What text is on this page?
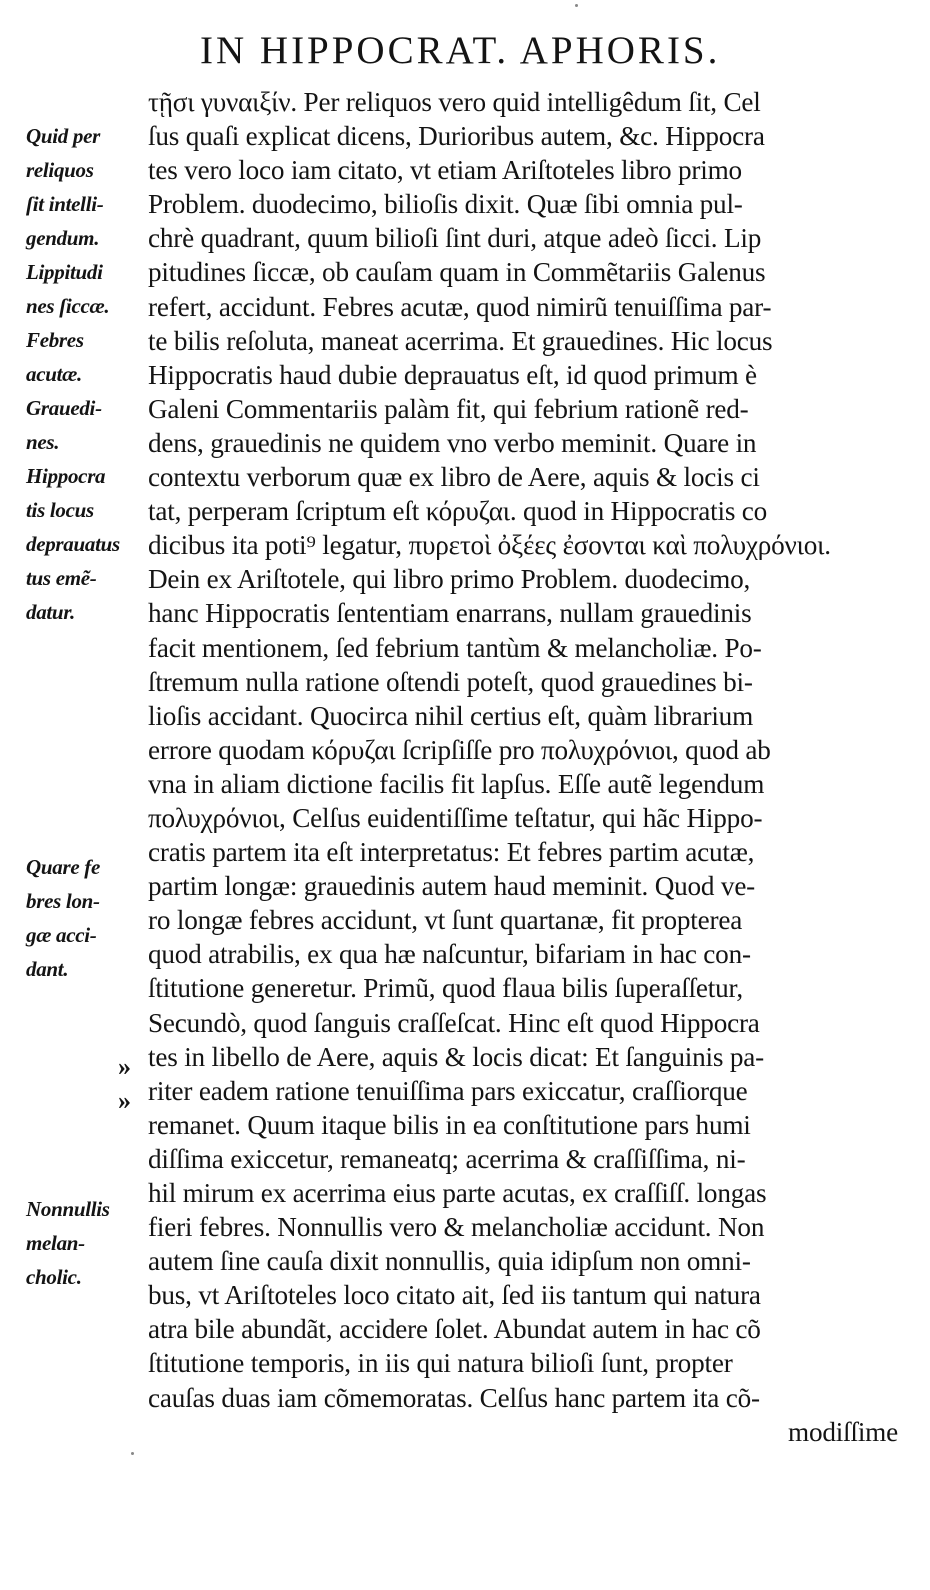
IN HIPPOCRAT. APHORIS.
τῇσι γυναιξίν. Per reliquos vero quid intelligêdum ſit, Cel
ſus quaſi explicat dicens, Durioribus autem, &c. Hippocra
tes vero loco iam citato, vt etiam Ariſtoteles libro primo
Problem. duodecimo, bilioſis dixit. Quæ ſibi omnia pul-
chrè quadrant, quum bilioſi ſint duri, atque adeò ſicci. Lip
pitudines ſiccæ, ob cauſam quam in Commẽtariis Galenus
refert, accidunt. Febres acutæ, quod nimirũ tenuiſſima par-
te bilis reſoluta, maneat acerrima. Et grauedines. Hic locus
Hippocratis haud dubie deprauatus eſt, id quod primum è
Galeni Commentariis palàm fit, qui febrium rationẽ red-
dens, grauedinis ne quidem vno verbo meminit. Quare in
contextu verborum quæ ex libro de Aere, aquis & locis ci
tat, perperam ſcriptum eſt κόρυζαι. quod in Hippocratis co
dicibus ita poti⁹ legatur, πυρετοὶ ὀξέες ἐσονται καὶ πολυχρόνιοι.
Dein ex Ariſtotele, qui libro primo Problem. duodecimo,
hanc Hippocratis ſententiam enarrans, nullam grauedinis
facit mentionem, ſed febrium tantùm & melancholiæ. Po-
ſtremum nulla ratione oſtendi poteſt, quod grauedines bi-
lioſis accidant. Quocirca nihil certius eſt, quàm librarium
errore quodam κόρυζαι ſcripſiſſe pro πολυχρόνιοι, quod ab
vna in aliam dictione facilis fit lapſus. Eſſe autẽ legendum
πολυχρόνιοι, Celſus euidentiſſime teſtatur, qui hãc Hippo-
cratis partem ita eſt interpretatus: Et febres partim acutæ,
partim longæ: grauedinis autem haud meminit. Quod ve-
ro longæ febres accidunt, vt ſunt quartanæ, fit propterea
quod atrabilis, ex qua hæ naſcuntur, bifariam in hac con-
ſtitutione generetur. Primũ, quod flaua bilis ſuperaſſetur,
Secundò, quod ſanguis craſſeſcat. Hinc eſt quod Hippocra
tes in libello de Aere, aquis & locis dicat: Et ſanguinis pa-
riter eadem ratione tenuiſſima pars exiccatur, craſſiorque
remanet. Quum itaque bilis in ea conſtitutione pars humi
diſſima exiccetur, remaneatq; acerrima & craſſiſſima, ni-
hil mirum ex acerrima eius parte acutas, ex craſſiſſ. longas
fieri febres. Nonnullis vero & melancholiæ accidunt. Non
autem ſine cauſa dixit nonnullis, quia idipſum non omni-
bus, vt Ariſtoteles loco citato ait, ſed iis tantum qui natura
atra bile abundãt, accidere ſolet. Abundat autem in hac cõ
ſtitutione temporis, in iis qui natura bilioſi ſunt, propter
cauſas duas iam cõmemoratas. Celſus hanc partem ita cõ-
modiſſime
Quid per
reliquos
ſit intelli-
gendum.
Lippitudi
nes ſiccæ.
Febres
acutæ.
Grauedi-
nes.
Hippocra
tis locus
deprauatus
tus emẽ-
datur.
Quare fe
bres lon-
gæ acci-
dant.
Nonnullis
melan-
cholic.
»
»
